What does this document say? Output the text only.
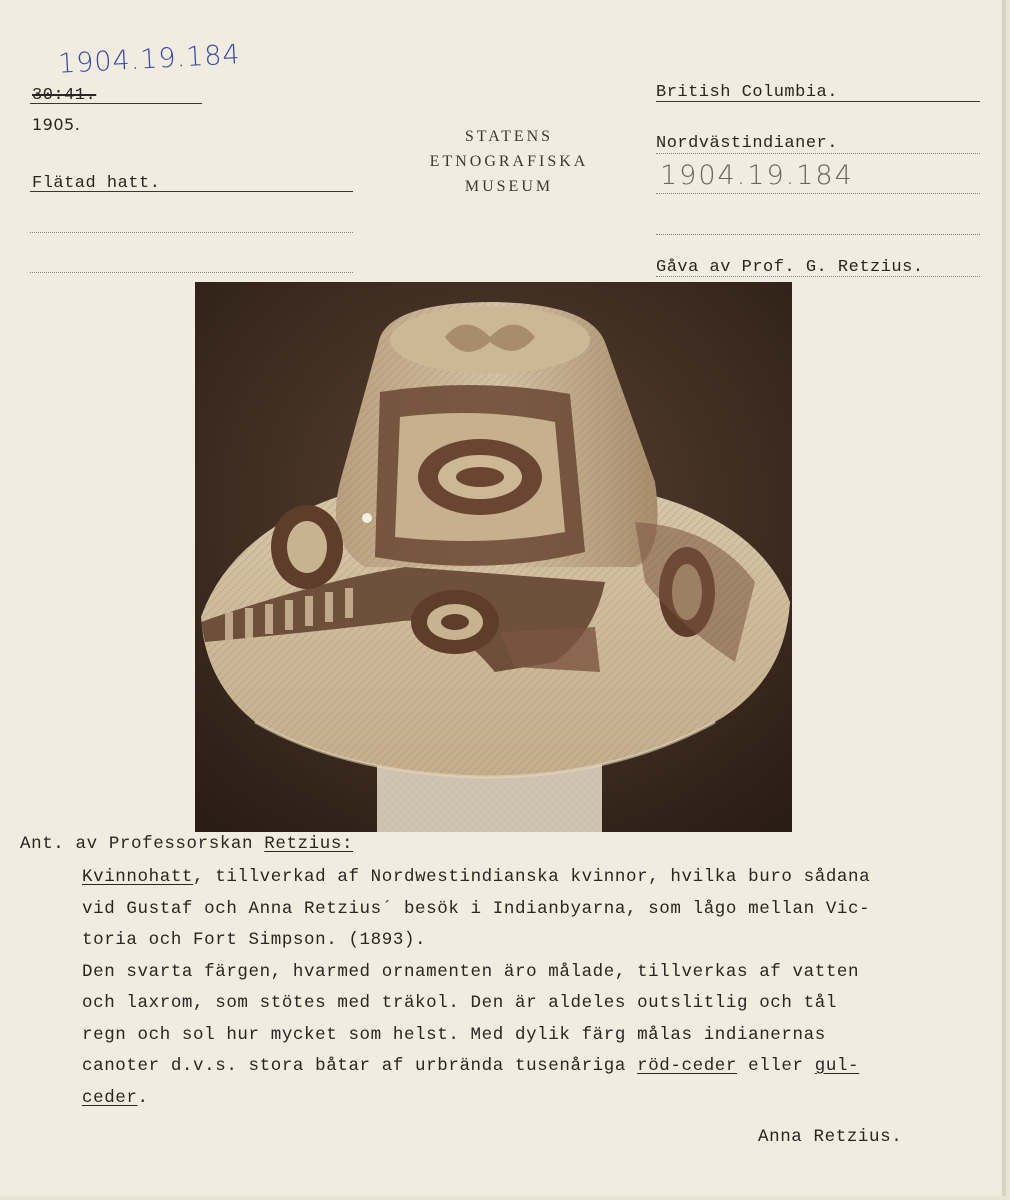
1904.19.184
30:41.
1905.
Flätad hatt.
STATENS
ETNOGRAFISKA
MUSEUM
British Columbia.
Nordvästindianer.
1904.19.184
Gåva av Prof. G. Retzius.
Ant. av Professorskan Retzius:

Kvinnohatt, tillverkad af Nordwestindianska kvinnor, hvilka buro sådana

vid Gustaf och Anna Retzius´ besök i Indianbyarna, som lågo mellan Vic-

toria och Fort Simpson. (1893).

Den svarta färgen, hvarmed ornamenten äro målade, tillverkas af vatten

och laxrom, som stötes med träkol. Den är aldeles outslitlig och tål

regn och sol hur mycket som helst. Med dylik färg målas indianernas

canoter d.v.s. stora båtar af urbrända tusenåriga röd-ceder eller gul-

ceder.

Anna Retzius.
